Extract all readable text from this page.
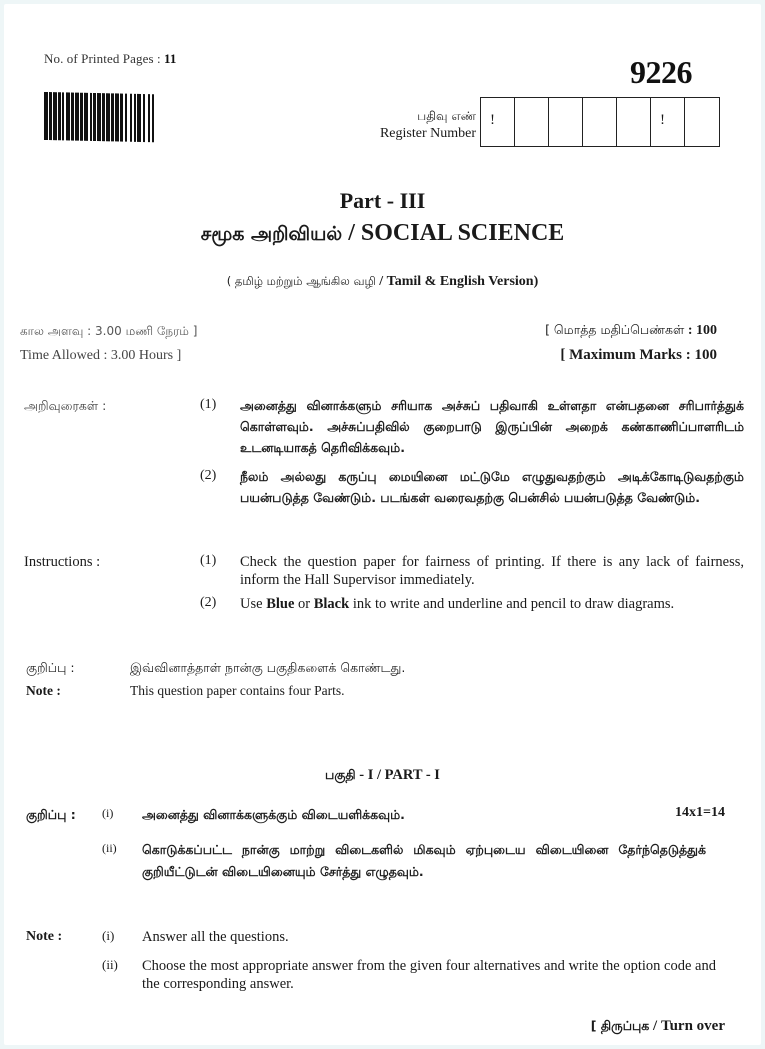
No. of Printed Pages : 11	9226
பதிவு எண்
Register Number
!	!
Part - III
சமூக அறிவியல் / SOCIAL SCIENCE
( தமிழ் மற்றும் ஆங்கில வழி / Tamil & English Version)
கால அளவு : 3.00 மணி நேரம் ]
Time Allowed : 3.00 Hours ]
[ மொத்த மதிப்பெண்கள் : 100
[ Maximum Marks : 100
அறிவுரைகள் :	(1)	அனைத்து வினாக்களும் சரியாக அச்சுப் பதிவாகி உள்ளதா என்பதனை சரிபார்த்துக் கொள்ளவும். அச்சுப்பதிவில் குறைபாடு இருப்பின் அறைக் கண்காணிப்பாளரிடம் உடனடியாகத் தெரிவிக்கவும்.
(2)	நீலம் அல்லது கருப்பு மையினை மட்டுமே எழுதுவதற்கும் அடிக்கோடிடுவதற்கும் பயன்படுத்த வேண்டும். படங்கள் வரைவதற்கு பென்சில் பயன்படுத்த வேண்டும்.
Instructions :	(1)	Check the question paper for fairness of printing. If there is any lack of fairness, inform the Hall Supervisor immediately.
(2)	Use Blue or Black ink to write and underline and pencil to draw diagrams.
குறிப்பு :	இவ்வினாத்தாள் நான்கு பகுதிகளைக் கொண்டது.
Note :	This question paper contains four Parts.
பகுதி - I / PART - I
14x1=14
குறிப்பு :	(i)	அனைத்து வினாக்களுக்கும் விடையளிக்கவும்.
(ii)	கொடுக்கப்பட்ட நான்கு மாற்று விடைகளில் மிகவும் ஏற்புடைய விடையினை தேர்ந்தெடுத்துக் குறியீட்டுடன் விடையினையும் சேர்த்து எழுதவும்.
Note :	(i)	Answer all the questions.
(ii)	Choose the most appropriate answer from the given four alternatives and write the option code and the corresponding answer.
[ திருப்புக / Turn over
